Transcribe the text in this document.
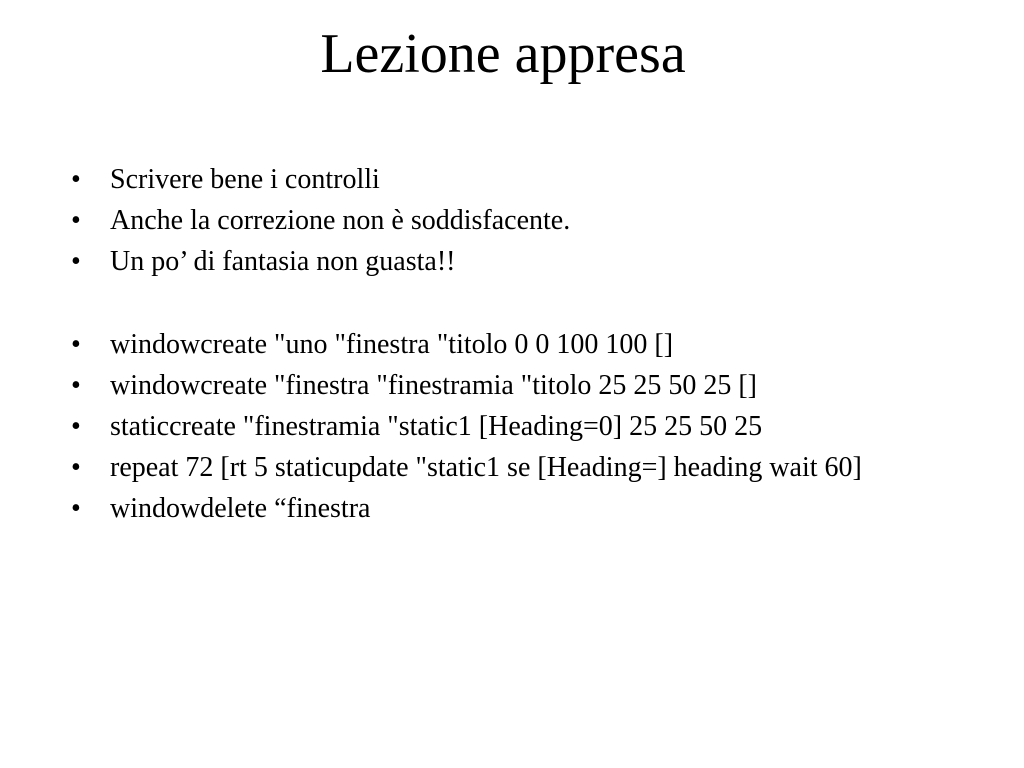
Lezione appresa
•	Scrivere bene i controlli
•	Anche la correzione non è soddisfacente.
•	Un po’ di fantasia non guasta!!
•	windowcreate "uno "finestra "titolo 0 0 100 100 []
•	windowcreate "finestra "finestramia "titolo 25 25 50 25 []
•	staticcreate "finestramia "static1 [Heading=0] 25 25 50 25
•	repeat 72 [rt 5 staticupdate "static1 se [Heading=] heading wait 60]
•	windowdelete “finestra
